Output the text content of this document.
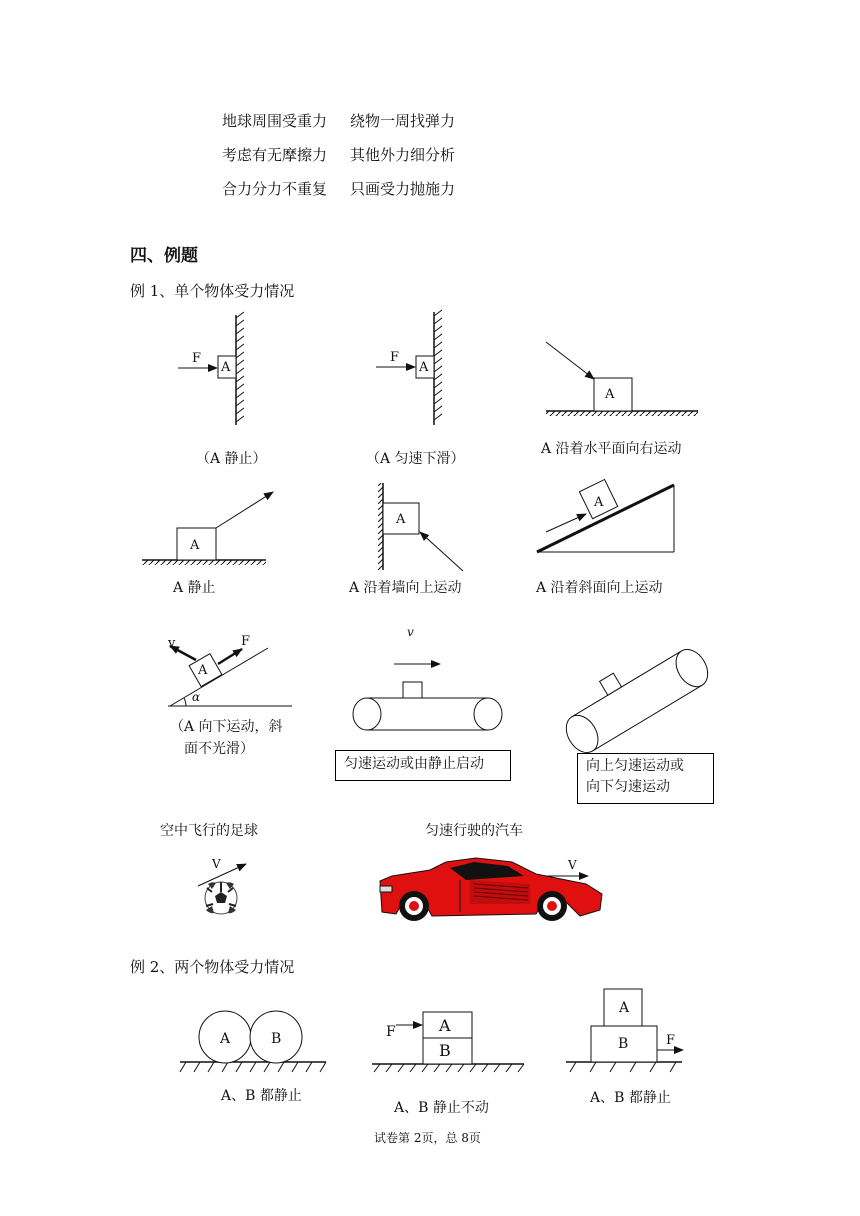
地球周围受重力 绕物一周找弹力
考虑有无摩擦力 其他外力细分析
合力分力不重复 只画受力抛施力
四、例题
例 1、单个物体受力情况
F
A
F
A
A
A
A
A
v	F
A
α
v
V	V
A	B	F	A
B
A
B	F
（A 静止）	（A 匀速下滑）
A 沿着水平面向右运动
A 静止	A 沿着墙向上运动	A 沿着斜面向上运动
（A 向下运动，斜
面不光滑）
匀速运动或由静止启动	向上匀速运动或
向下匀速运动
空中飞行的足球	匀速行驶的汽车
例 2、两个物体受力情况
A、B 都静止
A、B 静止不动
A、B 都静止
试卷第 2页，总 8页
